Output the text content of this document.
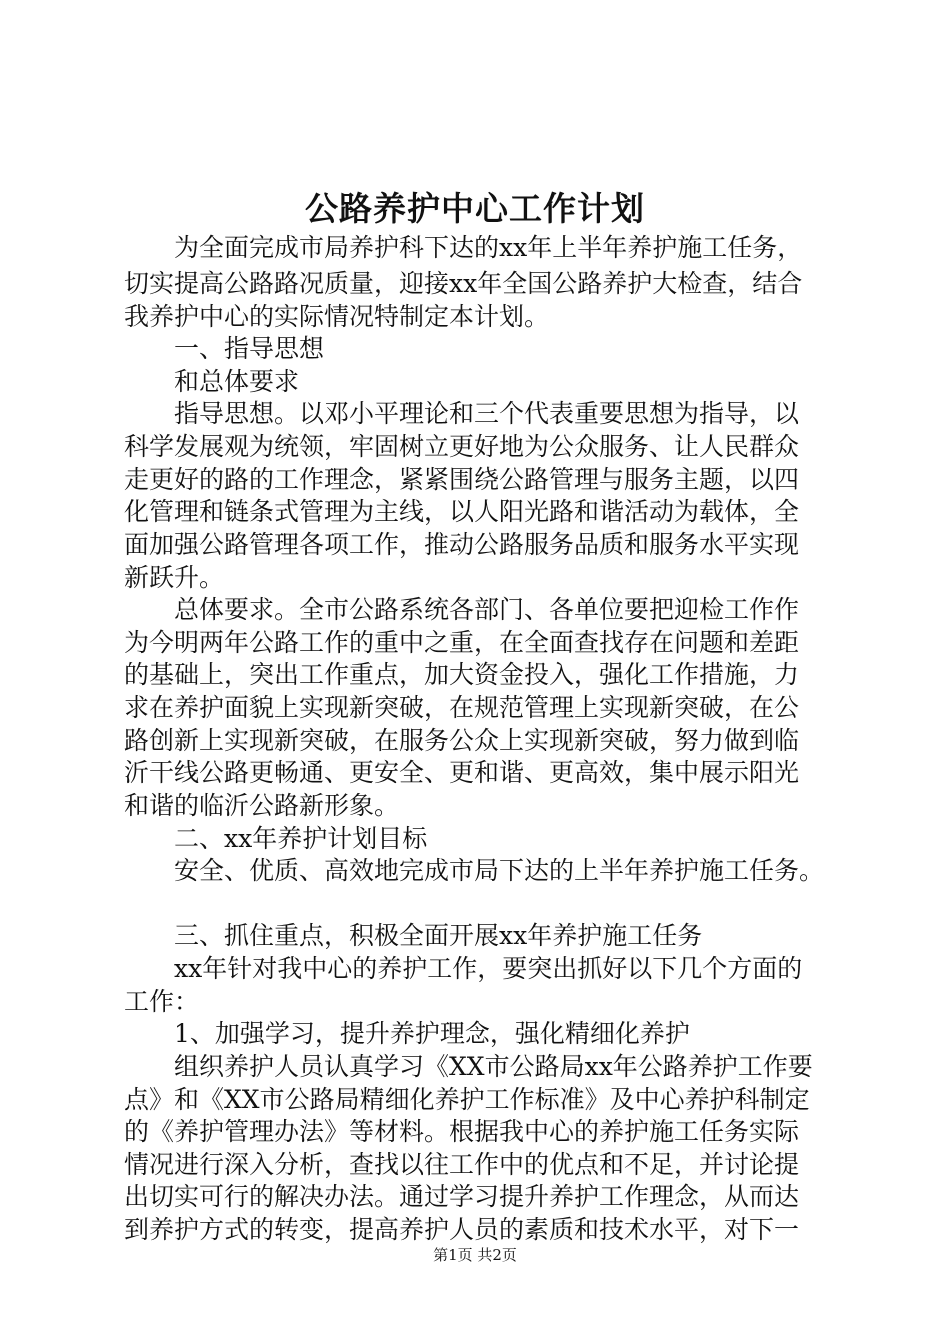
公路养护中心工作计划
　　为全面完成市局养护科下达的xx年上半年养护施工任务，
切实提高公路路况质量，迎接xx年全国公路养护大检查，结合
我养护中心的实际情况特制定本计划。
　　一、指导思想
　　和总体要求
　　指导思想。以邓小平理论和三个代表重要思想为指导，以
科学发展观为统领，牢固树立更好地为公众服务、让人民群众
走更好的路的工作理念，紧紧围绕公路管理与服务主题，以四
化管理和链条式管理为主线，以人阳光路和谐活动为载体，全
面加强公路管理各项工作，推动公路服务品质和服务水平实现
新跃升。
　　总体要求。全市公路系统各部门、各单位要把迎检工作作
为今明两年公路工作的重中之重，在全面查找存在问题和差距
的基础上，突出工作重点，加大资金投入，强化工作措施，力
求在养护面貌上实现新突破，在规范管理上实现新突破，在公
路创新上实现新突破，在服务公众上实现新突破，努力做到临
沂干线公路更畅通、更安全、更和谐、更高效，集中展示阳光
和谐的临沂公路新形象。
　　二、xx年养护计划目标
　　安全、优质、高效地完成市局下达的上半年养护施工任务。
　　三、抓住重点，积极全面开展xx年养护施工任务
　　xx年针对我中心的养护工作，要突出抓好以下几个方面的
工作：
　　1、加强学习，提升养护理念，强化精细化养护
　　组织养护人员认真学习《XX市公路局xx年公路养护工作要
点》和《XX市公路局精细化养护工作标准》及中心养护科制定
的《养护管理办法》等材料。根据我中心的养护施工任务实际
情况进行深入分析，查找以往工作中的优点和不足，并讨论提
出切实可行的解决办法。通过学习提升养护工作理念，从而达
到养护方式的转变，提高养护人员的素质和技术水平，对下一
第1页 共2页
